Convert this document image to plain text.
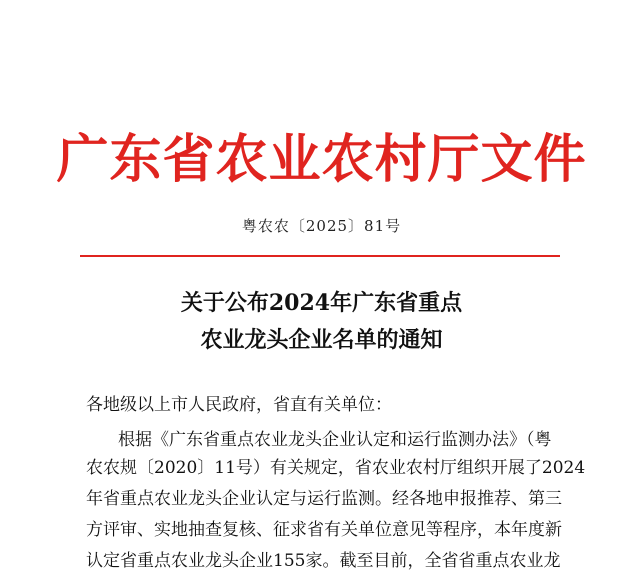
广东省农业农村厅文件
粤农农〔2025〕81号
关于公布2024年广东省重点
农业龙头企业名单的通知
各地级以上市人民政府，省直有关单位：
根据《广东省重点农业龙头企业认定和运行监测办法》（粤
农农规〔2020〕11号）有关规定，省农业农村厅组织开展了2024
年省重点农业龙头企业认定与运行监测。经各地申报推荐、第三
方评审、实地抽查复核、征求省有关单位意见等程序，本年度新
认定省重点农业龙头企业155家。截至目前，全省省重点农业龙
